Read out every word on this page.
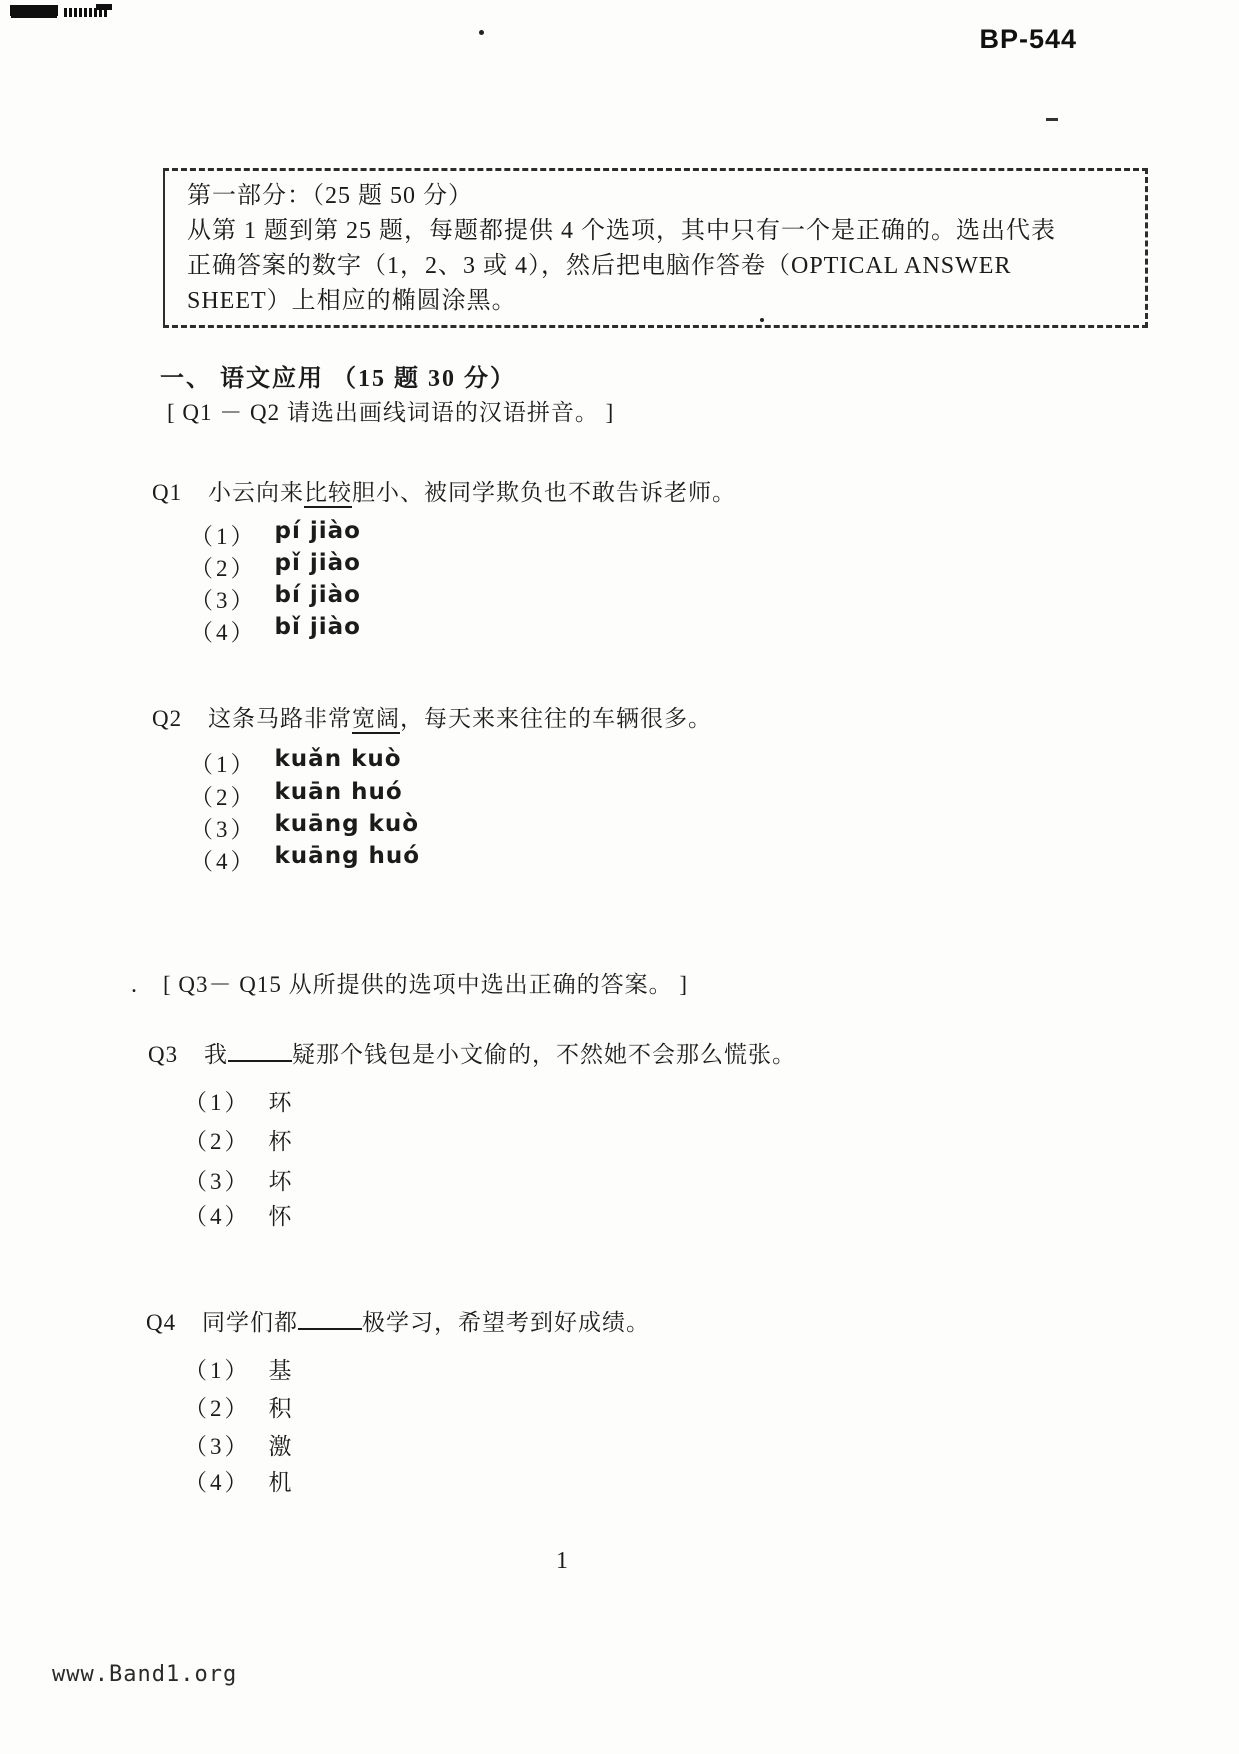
BP-544

第一部分：（25 题 50 分）

从第 1 题到第 25 题，每题都提供 4 个选项，其中只有一个是正确的。选出代表

正确答案的数字（1，2、3 或 4），然后把电脑作答卷（OPTICAL ANSWER

SHEET）上相应的椭圆涂黑。

一、 语文应用 （15 题 30 分）
[ Q1 － Q2 请选出画线词语的汉语拼音。 ]
Q1	小云向来比较胆小、被同学欺负也不敢告诉老师。
（1） pí jiào
（2） pǐ jiào
（3） bí jiào
（4） bǐ jiào
Q2	这条马路非常宽阔，每天来来往往的车辆很多。
（1） kuǎn kuò
（2） kuān huó
（3） kuāng kuò
（4） kuāng huó
. [ Q3－ Q15 从所提供的选项中选出正确的答案。 ]
Q3	我	疑那个钱包是小文偷的，不然她不会那么慌张。
（1） 环
（2） 杯
（3） 坏
（4） 怀
Q4	同学们都	极学习，希望考到好成绩。
（1） 基
（2） 积
（3） 激
（4） 机
1
www.Band1.org
